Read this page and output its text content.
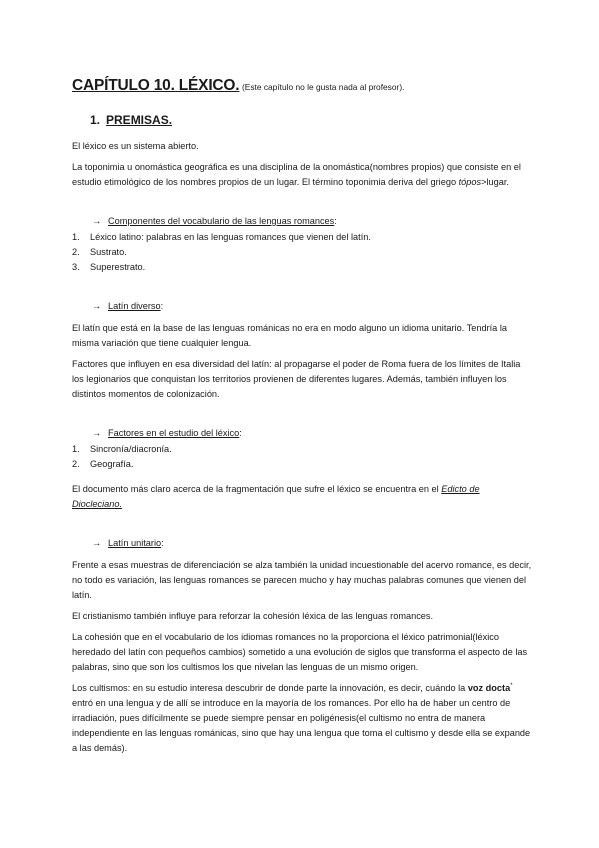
CAPÍTULO 10. LÉXICO. (Este capítulo no le gusta nada al profesor).
1. PREMISAS.

El léxico es un sistema abierto.

La toponimia u onomástica geográfica es una disciplina de la onomástica(nombres propios) que consiste en el estudio etimológico de los nombres propios de un lugar. El término toponimia deriva del griego tópos>lugar.

→ Componentes del vocabulario de las lenguas romances:
1. Léxico latino: palabras en las lenguas romances que vienen del latín.
2. Sustrato.
3. Superestrato.
→ Latín diverso:

El latín que está en la base de las lenguas románicas no era en modo alguno un idioma unitario. Tendría la misma variación que tiene cualquier lengua.

Factores que influyen en esa diversidad del latín: al propagarse el poder de Roma fuera de los límites de Italia los legionarios que conquistan los territorios provienen de diferentes lugares. Además, también influyen los distintos momentos de colonización.

→ Factores en el estudio del léxico:
1. Sincronía/diacronía.
2. Geografía.

El documento más claro acerca de la fragmentación que sufre el léxico se encuentra en el Edicto de Diocleciano.

→ Latín unitario:

Frente a esas muestras de diferenciación se alza también la unidad incuestionable del acervo romance, es decir, no todo es variación, las lenguas romances se parecen mucho y hay muchas palabras comunes que vienen del latín.

El cristianismo también influye para reforzar la cohesión léxica de las lenguas romances.

La cohesión que en el vocabulario de los idiomas romances no la proporciona el léxico patrimonial(léxico heredado del latín con pequeños cambios) sometido a una evolución de siglos que transforma el aspecto de las palabras, sino que son los cultismos los que nivelan las lenguas de un mismo origen.

Los cultismos: en su estudio interesa descubrir de donde parte la innovación, es decir, cuándo la voz docta* entró en una lengua y de allí se introduce en la mayoría de los romances. Por ello ha de haber un centro de irradiación, pues difícilmente se puede siempre pensar en poligénesis(el cultismo no entra de manera independiente en las lenguas románicas, sino que hay una lengua que toma el cultismo y desde ella se expande a las demás).
